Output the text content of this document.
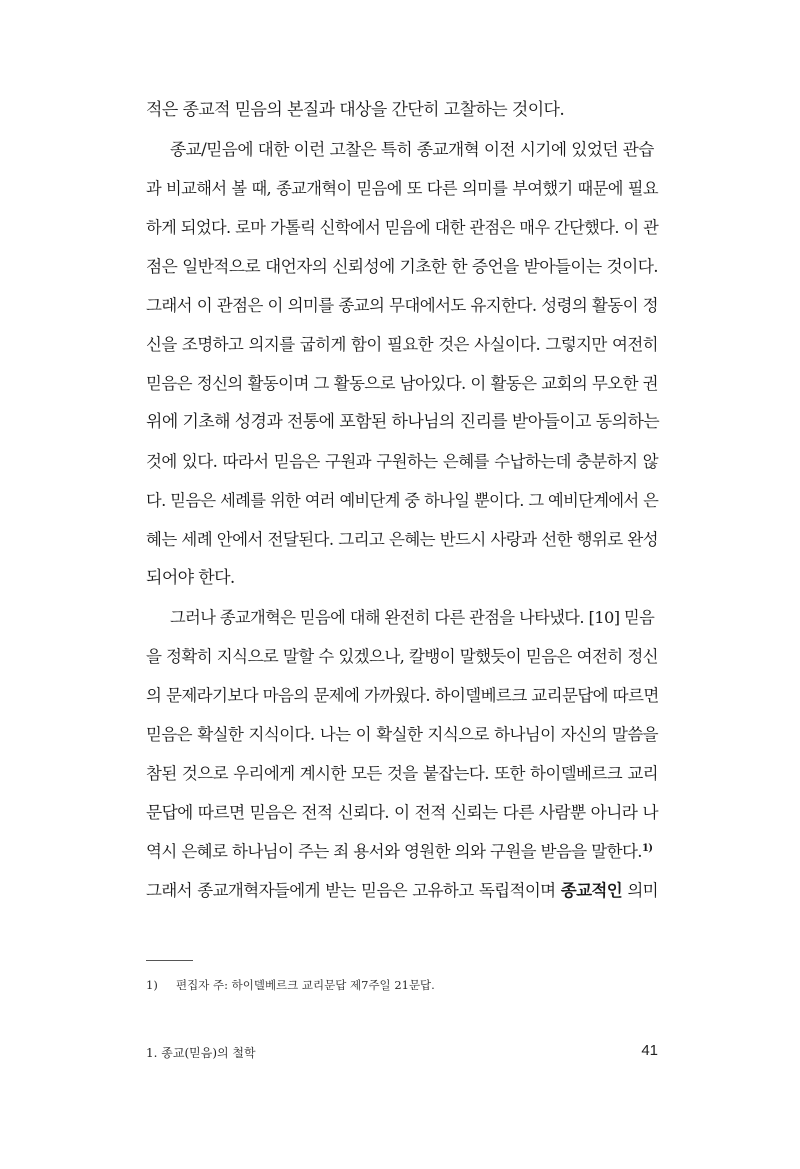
적은 종교적 믿음의 본질과 대상을 간단히 고찰하는 것이다.
종교/믿음에 대한 이런 고찰은 특히 종교개혁 이전 시기에 있었던 관습
과 비교해서 볼 때, 종교개혁이 믿음에 또 다른 의미를 부여했기 때문에 필요
하게 되었다. 로마 가톨릭 신학에서 믿음에 대한 관점은 매우 간단했다. 이 관
점은 일반적으로 대언자의 신뢰성에 기초한 한 증언을 받아들이는 것이다.
그래서 이 관점은 이 의미를 종교의 무대에서도 유지한다. 성령의 활동이 정
신을 조명하고 의지를 굽히게 함이 필요한 것은 사실이다. 그렇지만 여전히
믿음은 정신의 활동이며 그 활동으로 남아있다. 이 활동은 교회의 무오한 권
위에 기초해 성경과 전통에 포함된 하나님의 진리를 받아들이고 동의하는
것에 있다. 따라서 믿음은 구원과 구원하는 은혜를 수납하는데 충분하지 않
다. 믿음은 세례를 위한 여러 예비단계 중 하나일 뿐이다. 그 예비단계에서 은
혜는 세례 안에서 전달된다. 그리고 은혜는 반드시 사랑과 선한 행위로 완성
되어야 한다.
그러나 종교개혁은 믿음에 대해 완전히 다른 관점을 나타냈다. [10] 믿음
을 정확히 지식으로 말할 수 있겠으나, 칼뱅이 말했듯이 믿음은 여전히 정신
의 문제라기보다 마음의 문제에 가까웠다. 하이델베르크 교리문답에 따르면
믿음은 확실한 지식이다. 나는 이 확실한 지식으로 하나님이 자신의 말씀을
참된 것으로 우리에게 계시한 모든 것을 붙잡는다. 또한 하이델베르크 교리
문답에 따르면 믿음은 전적 신뢰다. 이 전적 신뢰는 다른 사람뿐 아니라 나
역시 은혜로 하나님이 주는 죄 용서와 영원한 의와 구원을 받음을 말한다.$^{1)}$
그래서 종교개혁자들에게 받는 믿음은 고유하고 독립적이며 종교적인 의미
1) 편집자 주: 하이델베르크 교리문답 제7주일 21문답.
1. 종교(믿음)의 철학	41
